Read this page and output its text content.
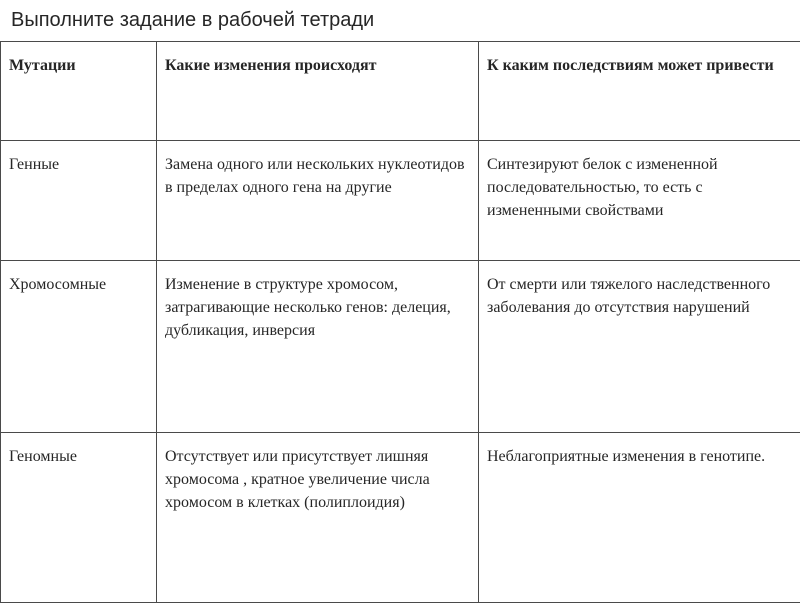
Выполните задание в рабочей тетради
Мутации	Какие изменения происходят	К каким последствиям может привести

Генные	Замена одного или нескольких нуклеотидов в пределах одного гена на другие	Синтезируют белок с измененной последовательностью, то есть с измененными свойствами

Хромосомные	Изменение в структуре хромосом, затрагивающие несколько генов: делеция, дубликация, инверсия	От смерти или тяжелого наследственного заболевания до отсутствия нарушений

Геномные	Отсутствует или присутствует лишняя хромосома , кратное увеличение числа хромосом в клетках (полиплоидия)	Неблагоприятные изменения в генотипе.
